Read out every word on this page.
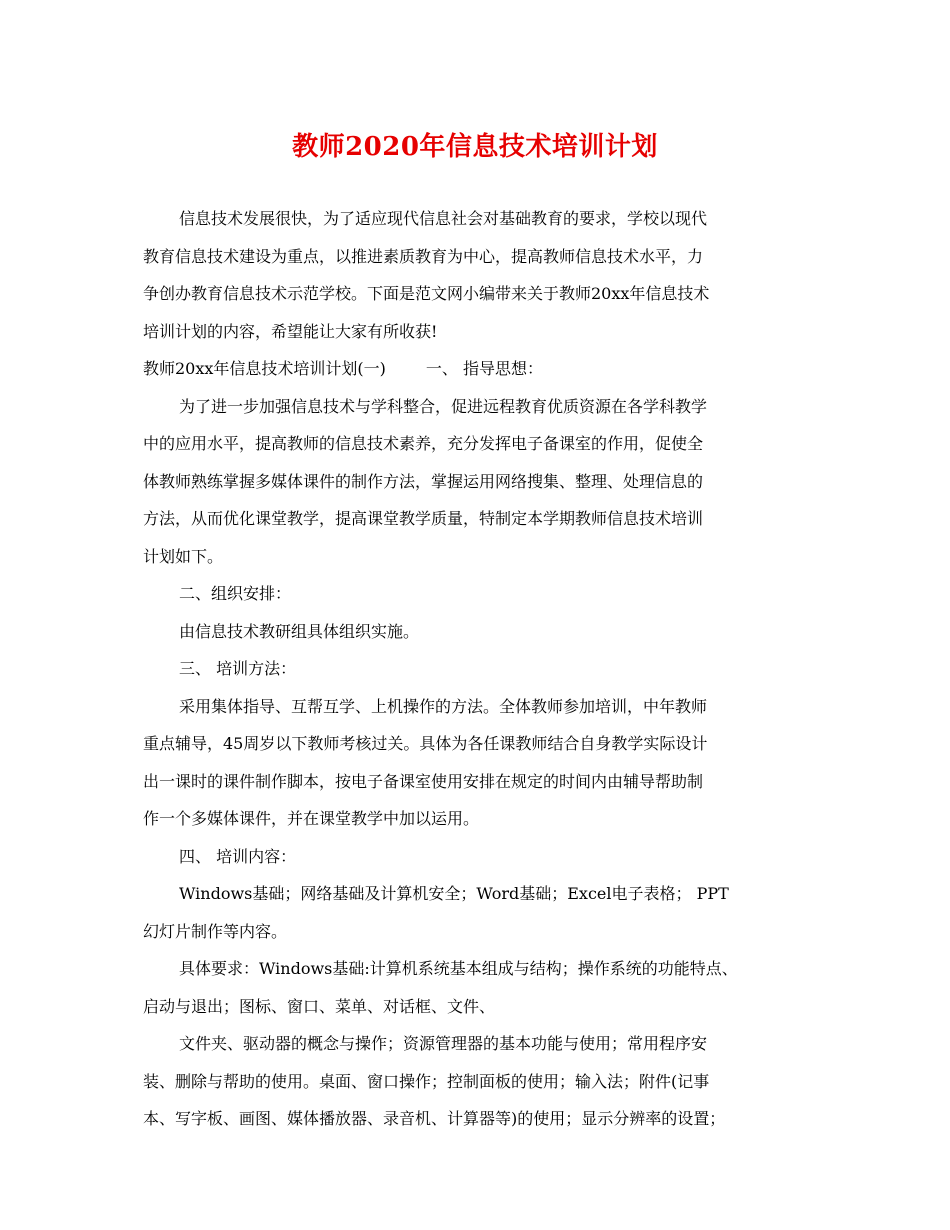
教师2020年信息技术培训计划
信息技术发展很快，为了适应现代信息社会对基础教育的要求，学校以现代
教育信息技术建设为重点，以推进素质教育为中心，提高教师信息技术水平，力
争创办教育信息技术示范学校。下面是范文网小编带来关于教师20xx年信息技术
培训计划的内容，希望能让大家有所收获!
教师20xx年信息技术培训计划(一)	一、 指导思想：
为了进一步加强信息技术与学科整合，促进远程教育优质资源在各学科教学
中的应用水平，提高教师的信息技术素养，充分发挥电子备课室的作用，促使全
体教师熟练掌握多媒体课件的制作方法，掌握运用网络搜集、整理、处理信息的
方法，从而优化课堂教学，提高课堂教学质量，特制定本学期教师信息技术培训
计划如下。
二、组织安排：
由信息技术教研组具体组织实施。
三、 培训方法：
采用集体指导、互帮互学、上机操作的方法。全体教师参加培训，中年教师
重点辅导，45周岁以下教师考核过关。具体为各任课教师结合自身教学实际设计
出一课时的课件制作脚本，按电子备课室使用安排在规定的时间内由辅导帮助制
作一个多媒体课件，并在课堂教学中加以运用。
四、 培训内容：
Windows基础；网络基础及计算机安全；Word基础；Excel电子表格； PPT
幻灯片制作等内容。
具体要求：Windows基础:计算机系统基本组成与结构；操作系统的功能特点、
启动与退出；图标、窗口、菜单、对话框、文件、
文件夹、驱动器的概念与操作；资源管理器的基本功能与使用；常用程序安
装、删除与帮助的使用。桌面、窗口操作；控制面板的使用；输入法；附件(记事
本、写字板、画图、媒体播放器、录音机、计算器等)的使用；显示分辨率的设置；
